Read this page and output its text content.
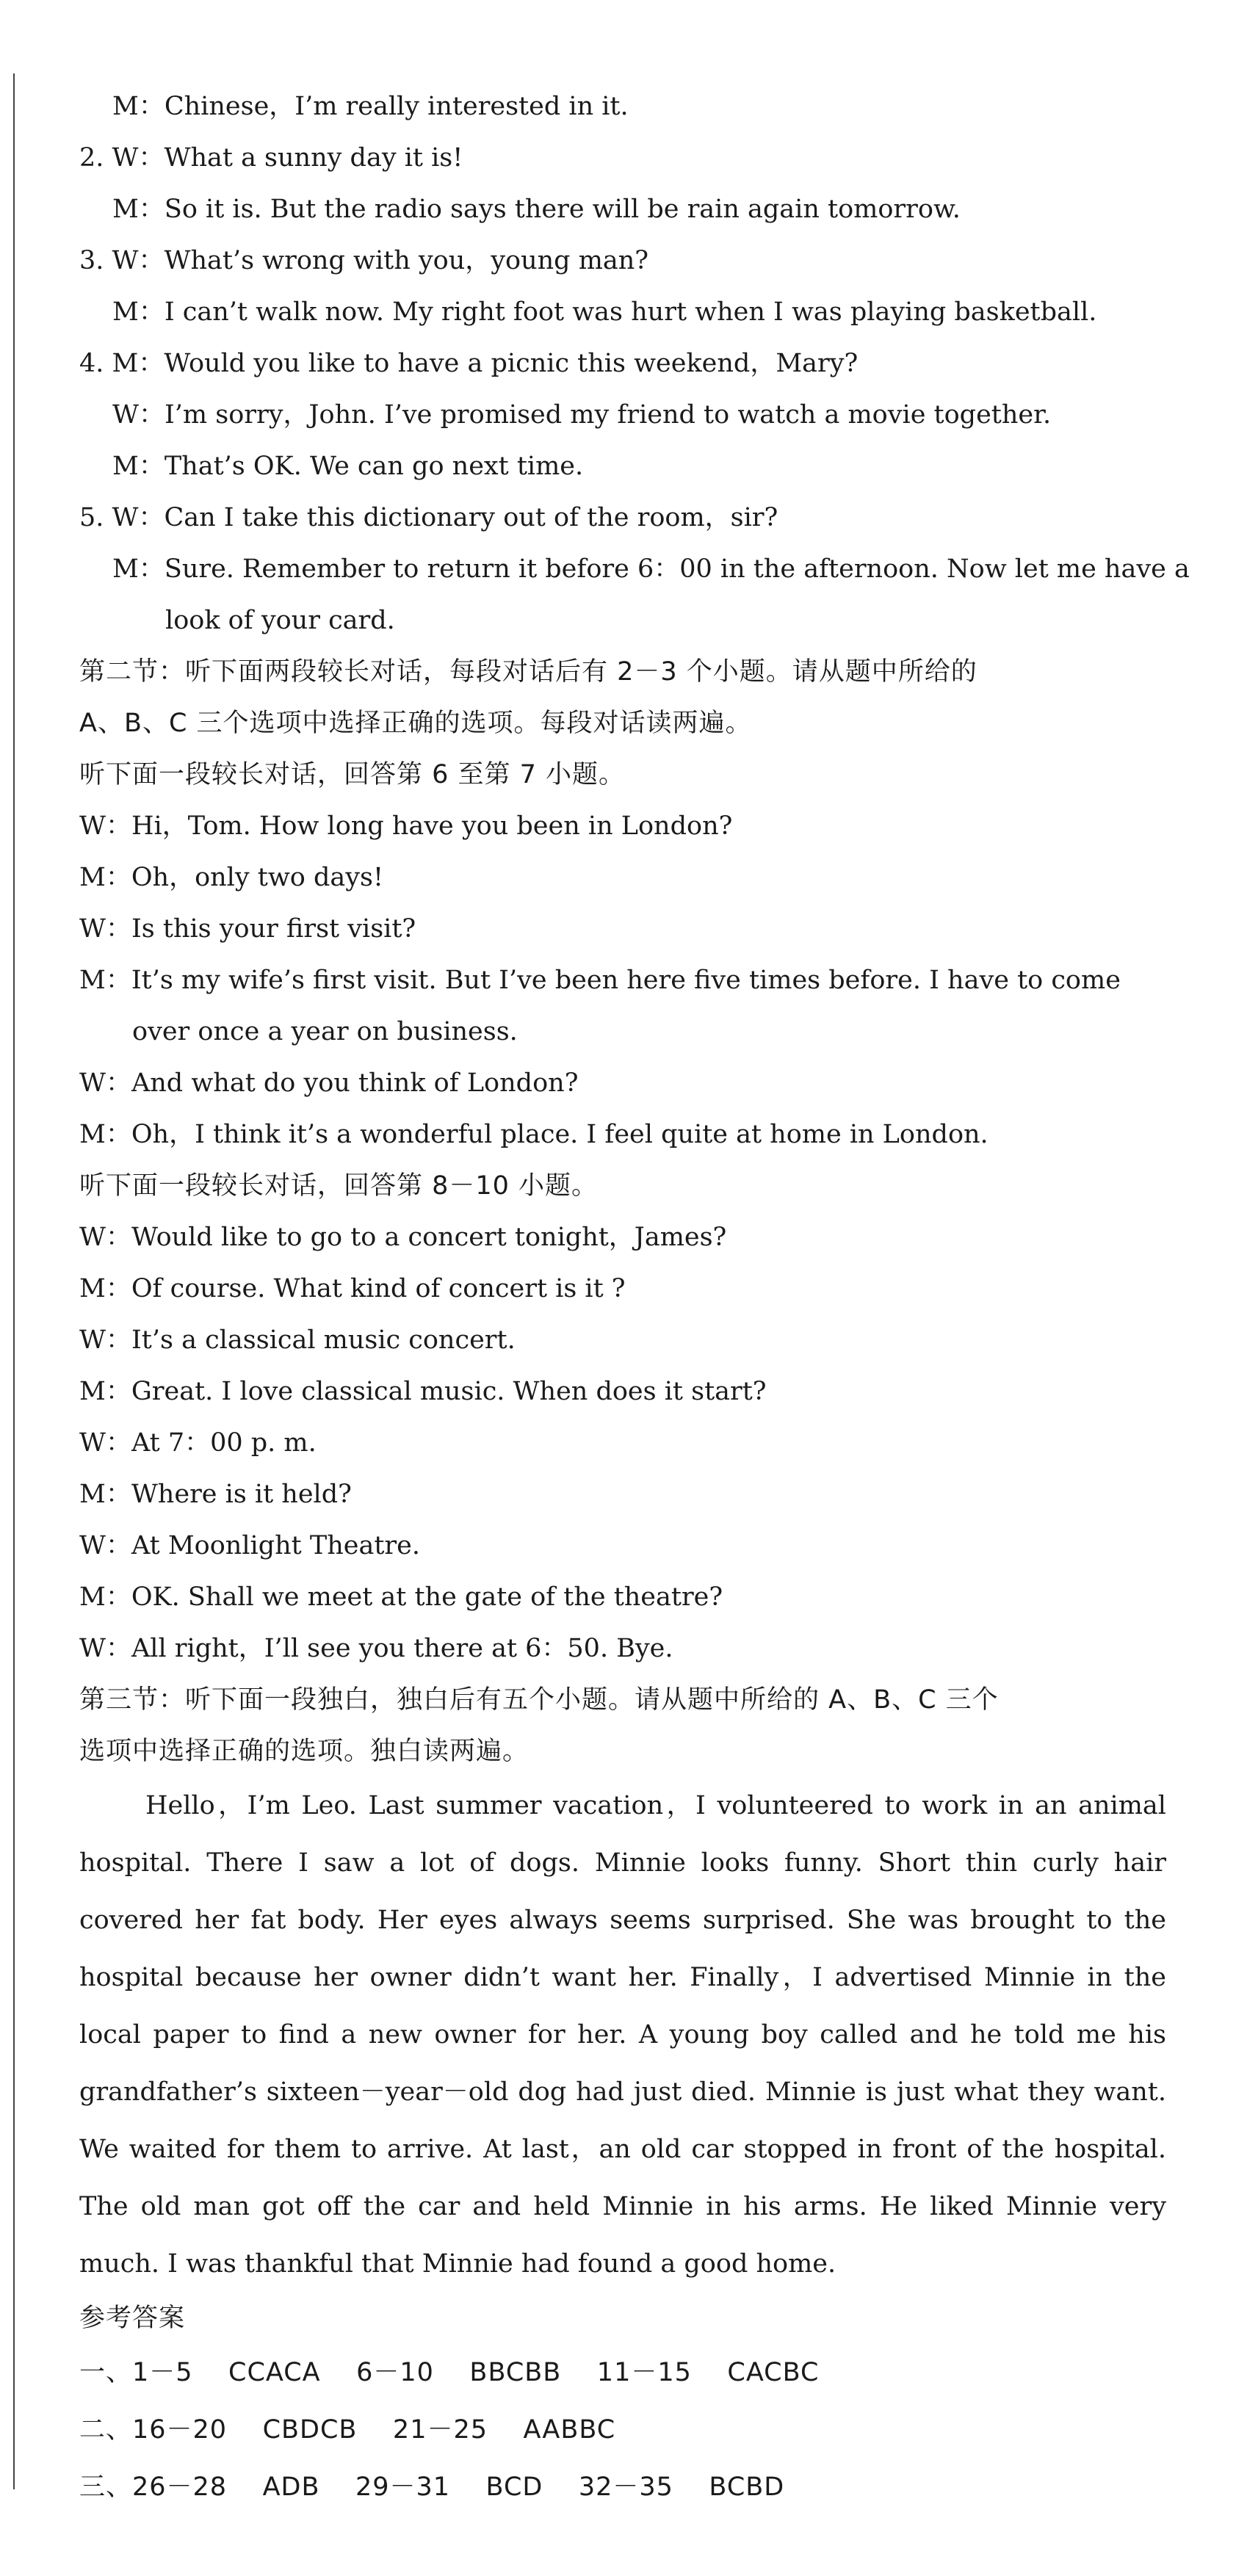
M：Chinese，I’m really interested in it.
2. W：What a sunny day it is!
M：So it is. But the radio says there will be rain again tomorrow.
3. W：What’s wrong with you，young man?
M：I can’t walk now. My right foot was hurt when I was playing basketball.
4. M：Would you like to have a picnic this weekend，Mary?
W：I’m sorry，John. I’ve promised my friend to watch a movie together.
M：That’s OK. We can go next time.
5. W：Can I take this dictionary out of the room，sir?
M：Sure. Remember to return it before 6：00 in the afternoon. Now let me have a
look of your card.
第二节：听下面两段较长对话，每段对话后有 2－3 个小题。请从题中所给的
A、B、C 三个选项中选择正确的选项。每段对话读两遍。
听下面一段较长对话，回答第 6 至第 7 小题。
W：Hi，Tom. How long have you been in London?
M：Oh，only two days!
W：Is this your first visit?
M：It’s my wife’s first visit. But I’ve been here five times before. I have to come
over once a year on business.
W：And what do you think of London?
M：Oh，I think it’s a wonderful place. I feel quite at home in London.
听下面一段较长对话，回答第 8－10 小题。
W：Would like to go to a concert tonight，James?
M：Of course. What kind of concert is it ?
W：It’s a classical music concert.
M：Great. I love classical music. When does it start?
W：At 7：00 p. m.
M：Where is it held?
W：At Moonlight Theatre.
M：OK. Shall we meet at the gate of the theatre?
W：All right，I’ll see you there at 6：50. Bye.
第三节：听下面一段独白，独白后有五个小题。请从题中所给的 A、B、C 三个
选项中选择正确的选项。独白读两遍。

Hello，I’m Leo. Last summer vacation，I volunteered to work in an animal hospital. There I saw a lot of dogs. Minnie looks funny. Short thin curly hair covered her fat body. Her eyes always seems surprised. She was brought to the hospital because her owner didn’t want her. Finally，I advertised Minnie in the local paper to find a new owner for her. A young boy called and he told me his grandfather’s sixteen－year－old dog had just died. Minnie is just what they want. We waited for them to arrive. At last，an old car stopped in front of the hospital. The old man got off the car and held Minnie in his arms. He liked Minnie very much. I was thankful that Minnie had found a good home.

参考答案
一、1－5    CCACA    6－10    BBCBB    11－15    CACBC
二、16－20    CBDCB    21－25    AABBC
三、26－28    ADB    29－31    BCD    32－35    BCBD
